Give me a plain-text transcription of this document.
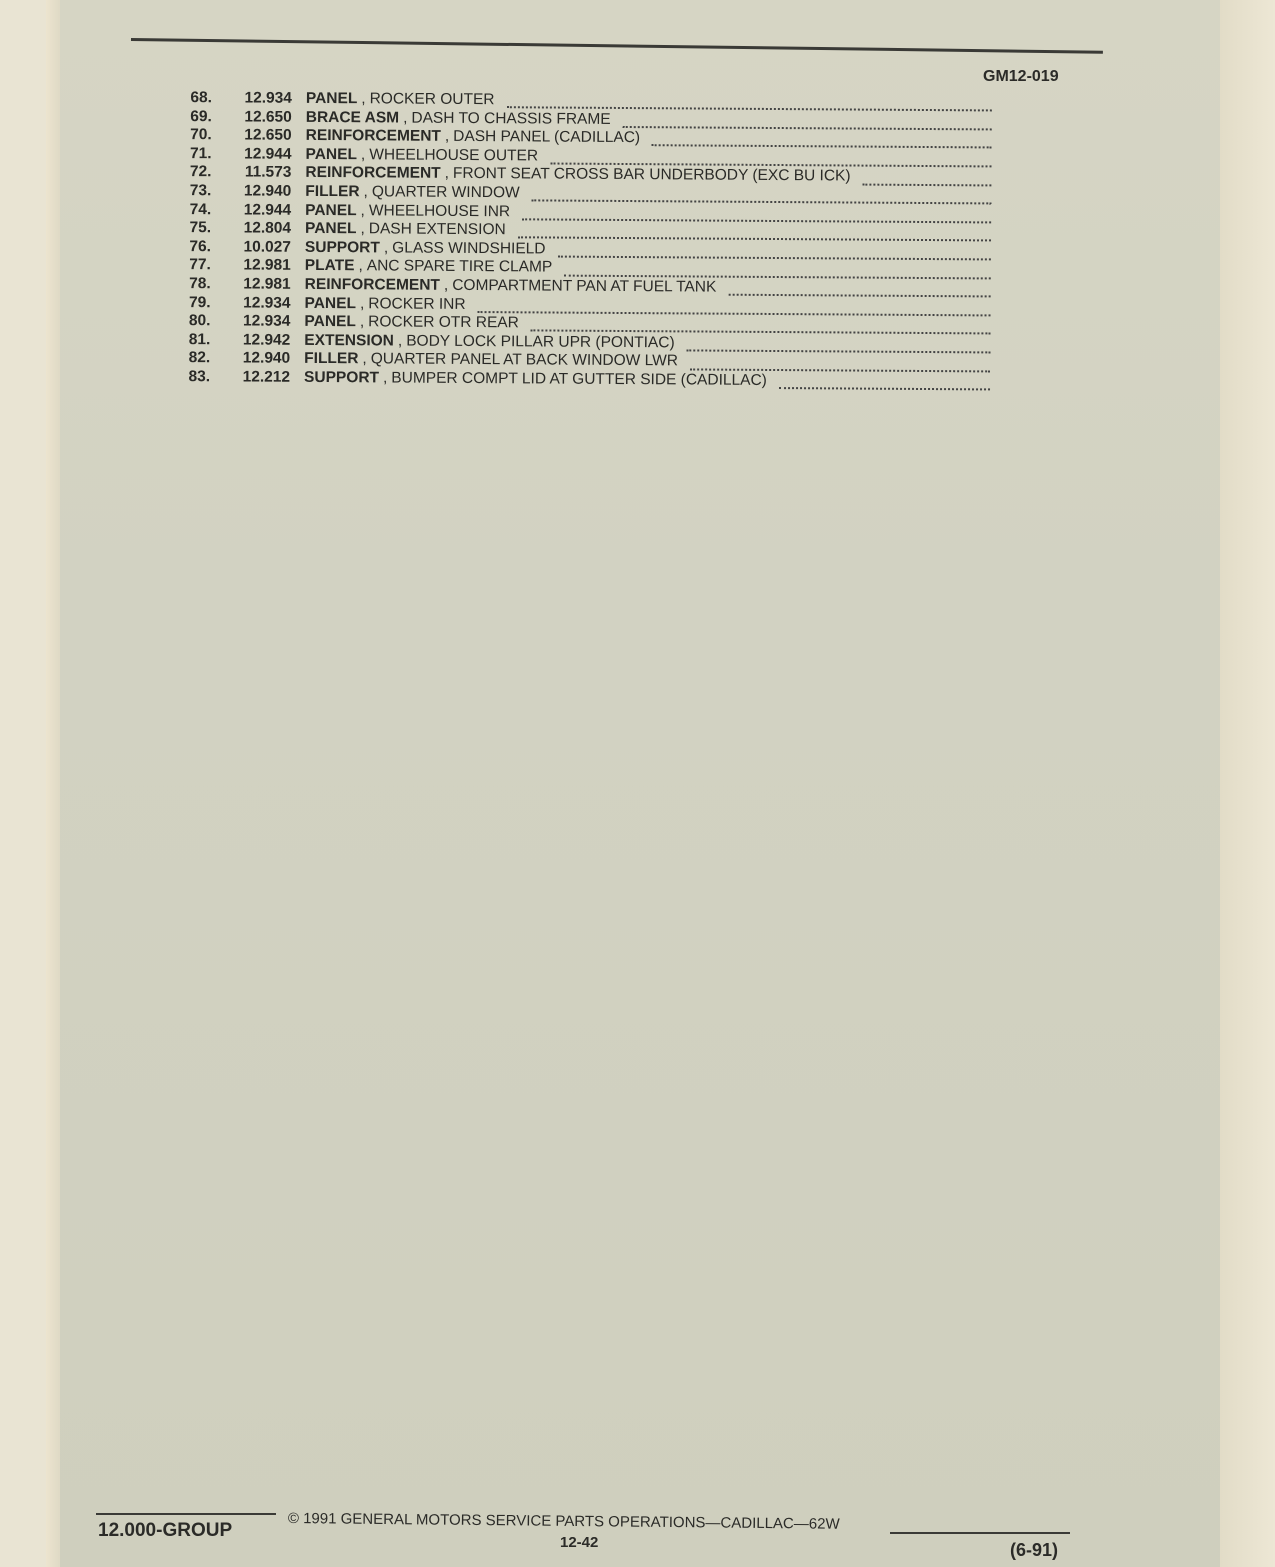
GM12-019
68.	12.934 PANEL , ROCKER OUTER
69.	12.650 BRACE ASM , DASH TO CHASSIS FRAME
70.	12.650 REINFORCEMENT , DASH PANEL (CADILLAC)
71.	12.944 PANEL , WHEELHOUSE OUTER
72.	11.573 REINFORCEMENT , FRONT SEAT CROSS BAR UNDERBODY (EXC BU ICK)
73.	12.940 FILLER , QUARTER WINDOW
74.	12.944 PANEL , WHEELHOUSE INR
75.	12.804 PANEL , DASH EXTENSION
76.	10.027 SUPPORT , GLASS WINDSHIELD
77.	12.981 PLATE , ANC SPARE TIRE CLAMP
78.	12.981 REINFORCEMENT , COMPARTMENT PAN AT FUEL TANK
79.	12.934 PANEL , ROCKER INR
80.	12.934 PANEL , ROCKER OTR REAR
81.	12.942 EXTENSION , BODY LOCK PILLAR UPR (PONTIAC)
82.	12.940 FILLER , QUARTER PANEL AT BACK WINDOW LWR
83.	12.212 SUPPORT , BUMPER COMPT LID AT GUTTER SIDE (CADILLAC)
12.000-GROUP	© 1991 GENERAL MOTORS SERVICE PARTS OPERATIONS—CADILLAC—62W
12-42	(6-91)
